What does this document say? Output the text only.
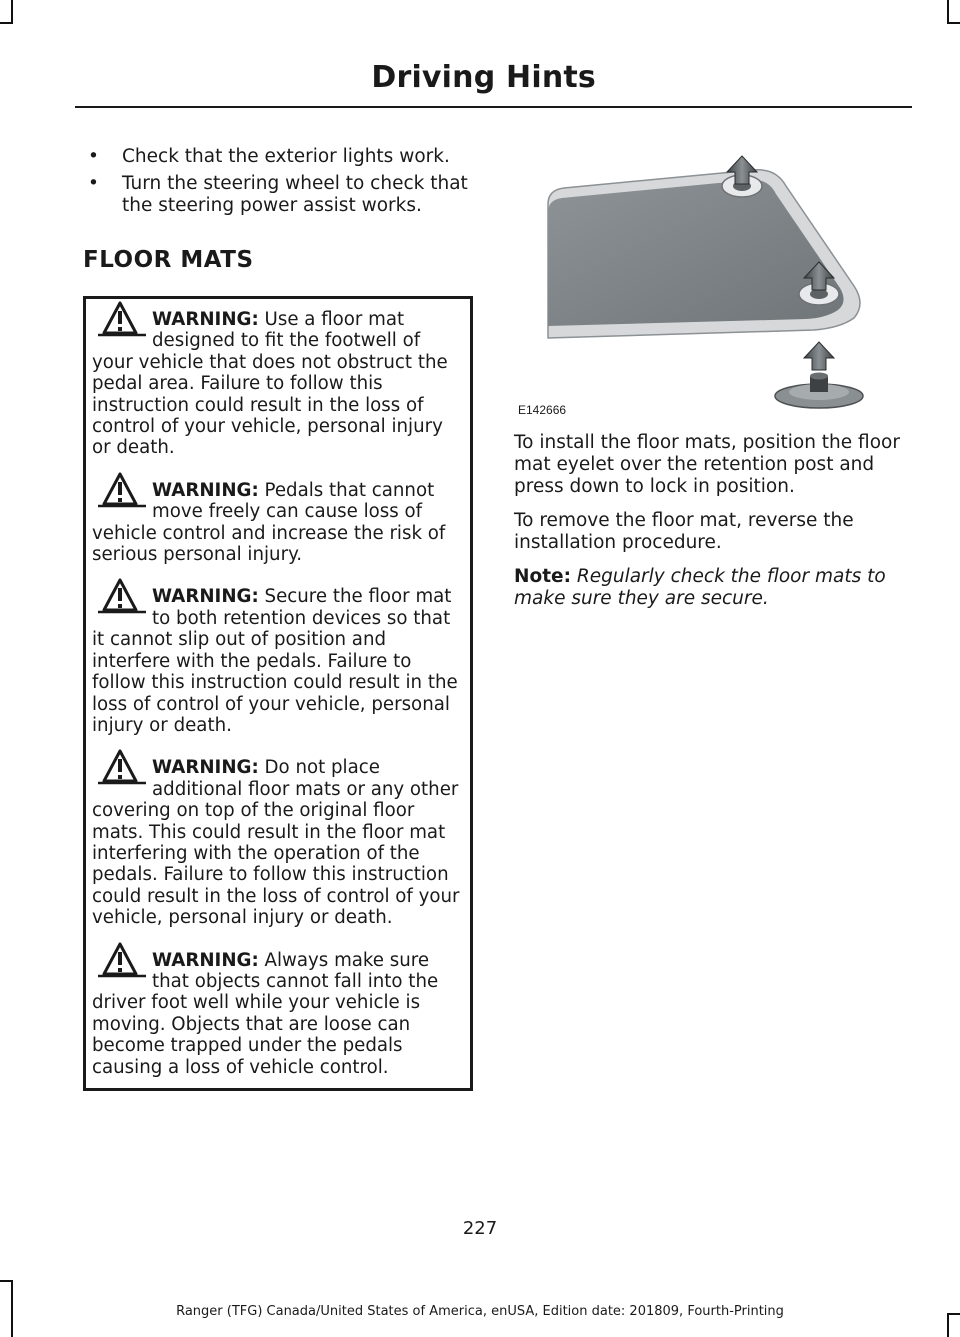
Driving Hints
•	Check that the exterior lights work.
•	Turn the steering wheel to check that the steering power assist works.
FLOOR MATS
WARNING: Use a floor mat designed to fit the footwell of your vehicle that does not obstruct the pedal area. Failure to follow this instruction could result in the loss of control of your vehicle, personal injury or death.
WARNING: Pedals that cannot move freely can cause loss of vehicle control and increase the risk of serious personal injury.
WARNING: Secure the floor mat to both retention devices so that it cannot slip out of position and interfere with the pedals. Failure to follow this instruction could result in the loss of control of your vehicle, personal injury or death.
WARNING: Do not place additional floor mats or any other covering on top of the original floor mats. This could result in the floor mat interfering with the operation of the pedals. Failure to follow this instruction could result in the loss of control of your vehicle, personal injury or death.
WARNING: Always make sure that objects cannot fall into the driver foot well while your vehicle is moving. Objects that are loose can become trapped under the pedals causing a loss of vehicle control.
E142666

To install the floor mats, position the floor mat eyelet over the retention post and press down to lock in position.

To remove the floor mat, reverse the installation procedure.

Note: Regularly check the floor mats to make sure they are secure.

227
Ranger (TFG) Canada/United States of America, enUSA, Edition date: 201809, Fourth-Printing
